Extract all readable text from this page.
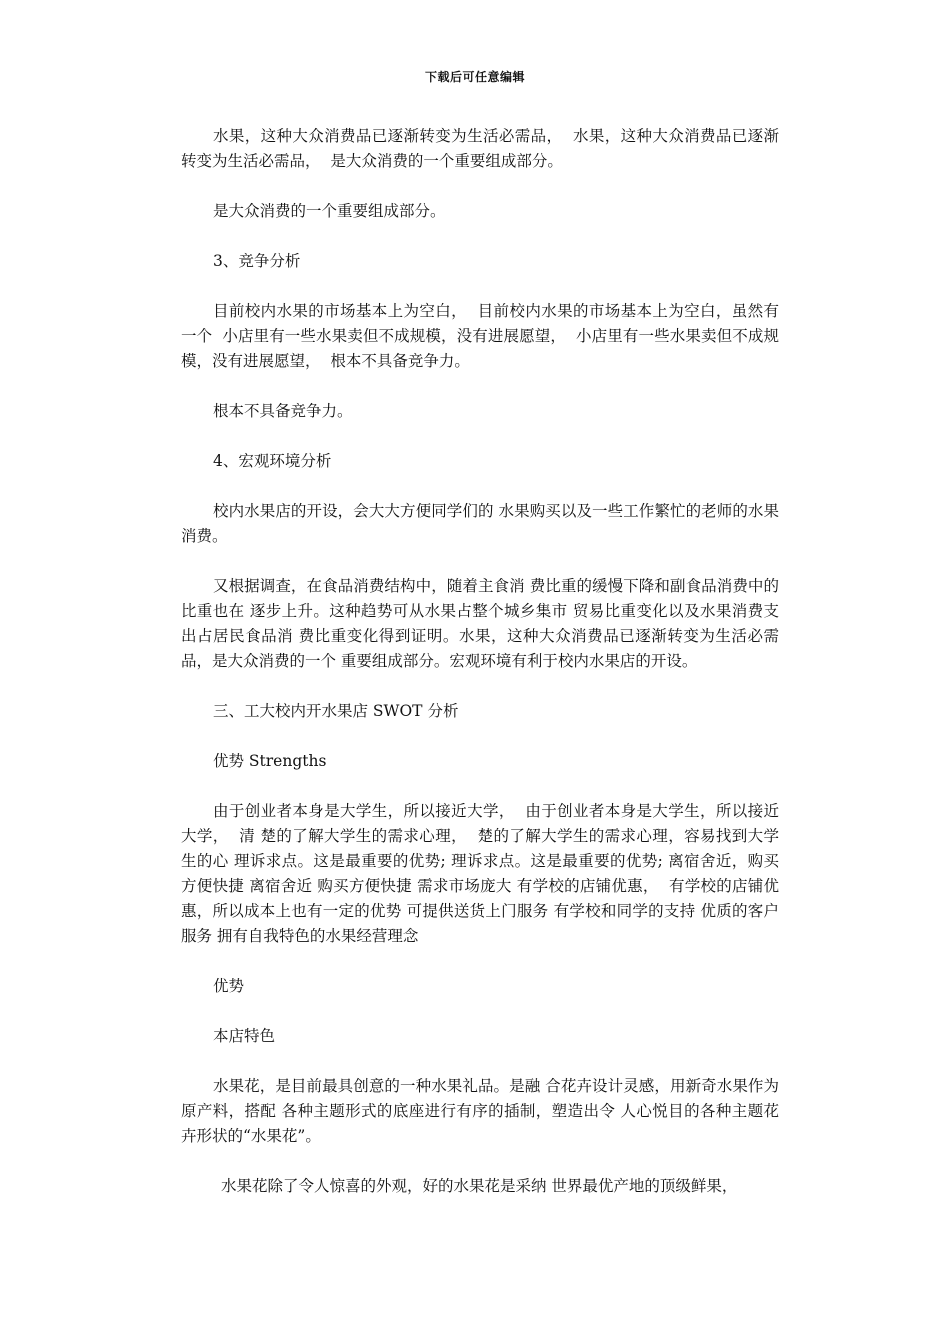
下载后可任意编辑

水果，这种大众消费品已逐渐转变为生活必需品，  水果，这种大众消费品已逐渐转变为生活必需品，  是大众消费的一个重要组成部分。

是大众消费的一个重要组成部分。

3、竞争分析

目前校内水果的市场基本上为空白，  目前校内水果的市场基本上为空白，虽然有一个  小店里有一些水果卖但不成规模，没有进展愿望，  小店里有一些水果卖但不成规模，没有进展愿望，  根本不具备竞争力。

根本不具备竞争力。

4、宏观环境分析

校内水果店的开设，会大大方便同学们的 水果购买以及一些工作繁忙的老师的水果消费。

又根据调查，在食品消费结构中，随着主食消 费比重的缓慢下降和副食品消费中的比重也在 逐步上升。这种趋势可从水果占整个城乡集市 贸易比重变化以及水果消费支出占居民食品消 费比重变化得到证明。水果，这种大众消费品已逐渐转变为生活必需品，是大众消费的一个 重要组成部分。宏观环境有利于校内水果店的开设。

三、工大校内开水果店 SWOT 分析

优势 Strengths

由于创业者本身是大学生，所以接近大学，  由于创业者本身是大学生，所以接近大学，  清 楚的了解大学生的需求心理，  楚的了解大学生的需求心理，容易找到大学 生的心 理诉求点。这是最重要的优势; 理诉求点。这是最重要的优势; 离宿舍近，购买方便快捷 离宿舍近 购买方便快捷 需求市场庞大 有学校的店铺优惠，  有学校的店铺优惠，所以成本上也有一定的优势 可提供送货上门服务 有学校和同学的支持 优质的客户服务 拥有自我特色的水果经营理念

优势

本店特色

水果花，是目前最具创意的一种水果礼品。是融 合花卉设计灵感，用新奇水果作为原产料，搭配 各种主题形式的底座进行有序的插制，塑造出令 人心悦目的各种主题花卉形状的“水果花”。

水果花除了令人惊喜的外观，好的水果花是采纳 世界最优产地的顶级鲜果，
